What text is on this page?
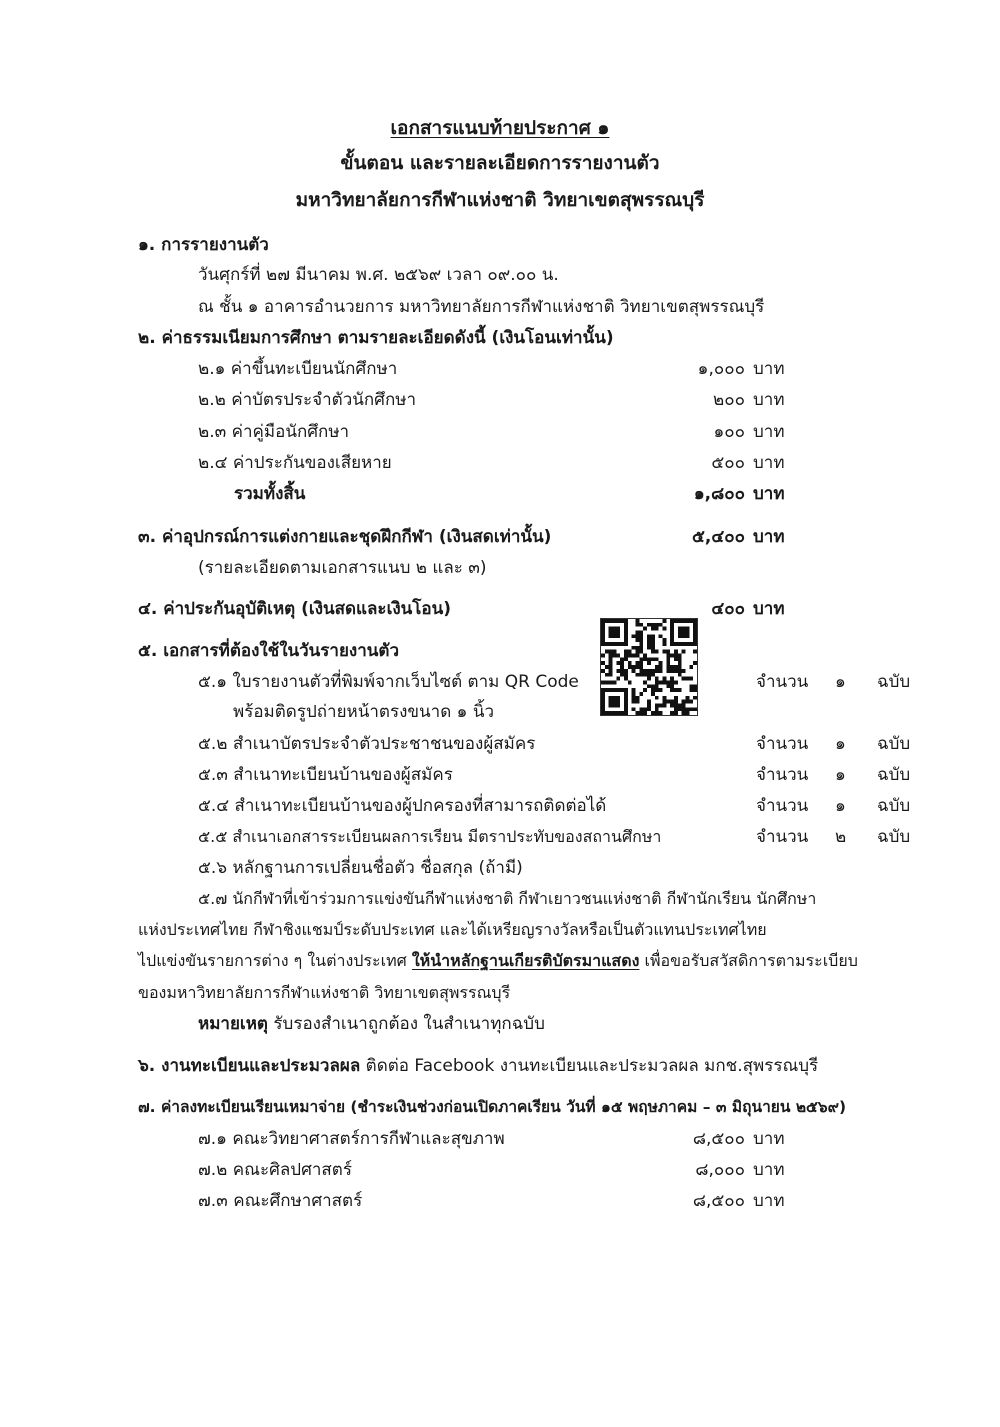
เอกสารแนบท้ายประกาศ ๑
ขั้นตอน และรายละเอียดการรายงานตัว
มหาวิทยาลัยการกีฬาแห่งชาติ วิทยาเขตสุพรรณบุรี
๑. การรายงานตัว
วันศุกร์ที่ ๒๗ มีนาคม พ.ศ. ๒๕๖๙ เวลา ๐๙.๐๐ น.
ณ ชั้น ๑ อาคารอำนวยการ มหาวิทยาลัยการกีฬาแห่งชาติ วิทยาเขตสุพรรณบุรี
๒. ค่าธรรมเนียมการศึกษา ตามรายละเอียดดังนี้ (เงินโอนเท่านั้น)
๒.๑ ค่าขึ้นทะเบียนนักศึกษา	๑,๐๐๐ บาท
๒.๒ ค่าบัตรประจำตัวนักศึกษา	๒๐๐ บาท
๒.๓ ค่าคู่มือนักศึกษา	๑๐๐ บาท
๒.๔ ค่าประกันของเสียหาย	๕๐๐ บาท
รวมทั้งสิ้น	๑,๘๐๐ บาท
๓. ค่าอุปกรณ์การแต่งกายและชุดฝึกกีฬา (เงินสดเท่านั้น)	๕,๔๐๐ บาท
(รายละเอียดตามเอกสารแนบ ๒ และ ๓)
๔. ค่าประกันอุบัติเหตุ (เงินสดและเงินโอน)	๔๐๐ บาท
๕. เอกสารที่ต้องใช้ในวันรายงานตัว
๕.๑ ใบรายงานตัวที่พิมพ์จากเว็บไซต์ ตาม QR Code
พร้อมติดรูปถ่ายหน้าตรงขนาด ๑ นิ้ว
จำนวน ๑ ฉบับ
๕.๒ สำเนาบัตรประจำตัวประชาชนของผู้สมัคร	จำนวน ๑ ฉบับ
๕.๓ สำเนาทะเบียนบ้านของผู้สมัคร	จำนวน ๑ ฉบับ
๕.๔ สำเนาทะเบียนบ้านของผู้ปกครองที่สามารถติดต่อได้	จำนวน ๑ ฉบับ
๕.๕ สำเนาเอกสารระเบียนผลการเรียน มีตราประทับของสถานศึกษา	จำนวน ๒ ฉบับ
๕.๖ หลักฐานการเปลี่ยนชื่อตัว ชื่อสกุล (ถ้ามี)
๕.๗ นักกีฬาที่เข้าร่วมการแข่งขันกีฬาแห่งชาติ กีฬาเยาวชนแห่งชาติ กีฬานักเรียน นักศึกษา
แห่งประเทศไทย กีฬาชิงแชมป์ระดับประเทศ และได้เหรียญรางวัลหรือเป็นตัวแทนประเทศไทย
ไปแข่งขันรายการต่าง ๆ ในต่างประเทศ ให้นำหลักฐานเกียรติบัตรมาแสดง เพื่อขอรับสวัสดิการตามระเบียบ
ของมหาวิทยาลัยการกีฬาแห่งชาติ วิทยาเขตสุพรรณบุรี
หมายเหตุ รับรองสำเนาถูกต้อง ในสำเนาทุกฉบับ
๖. งานทะเบียนและประมวลผล ติดต่อ Facebook งานทะเบียนและประมวลผล มกช.สุพรรณบุรี
๗. ค่าลงทะเบียนเรียนเหมาจ่าย (ชำระเงินช่วงก่อนเปิดภาคเรียน วันที่ ๑๕ พฤษภาคม – ๓ มิถุนายน ๒๕๖๙)
๗.๑ คณะวิทยาศาสตร์การกีฬาและสุขภาพ	๘,๕๐๐ บาท
๗.๒ คณะศิลปศาสตร์	๘,๐๐๐ บาท
๗.๓ คณะศึกษาศาสตร์	๘,๕๐๐ บาท
